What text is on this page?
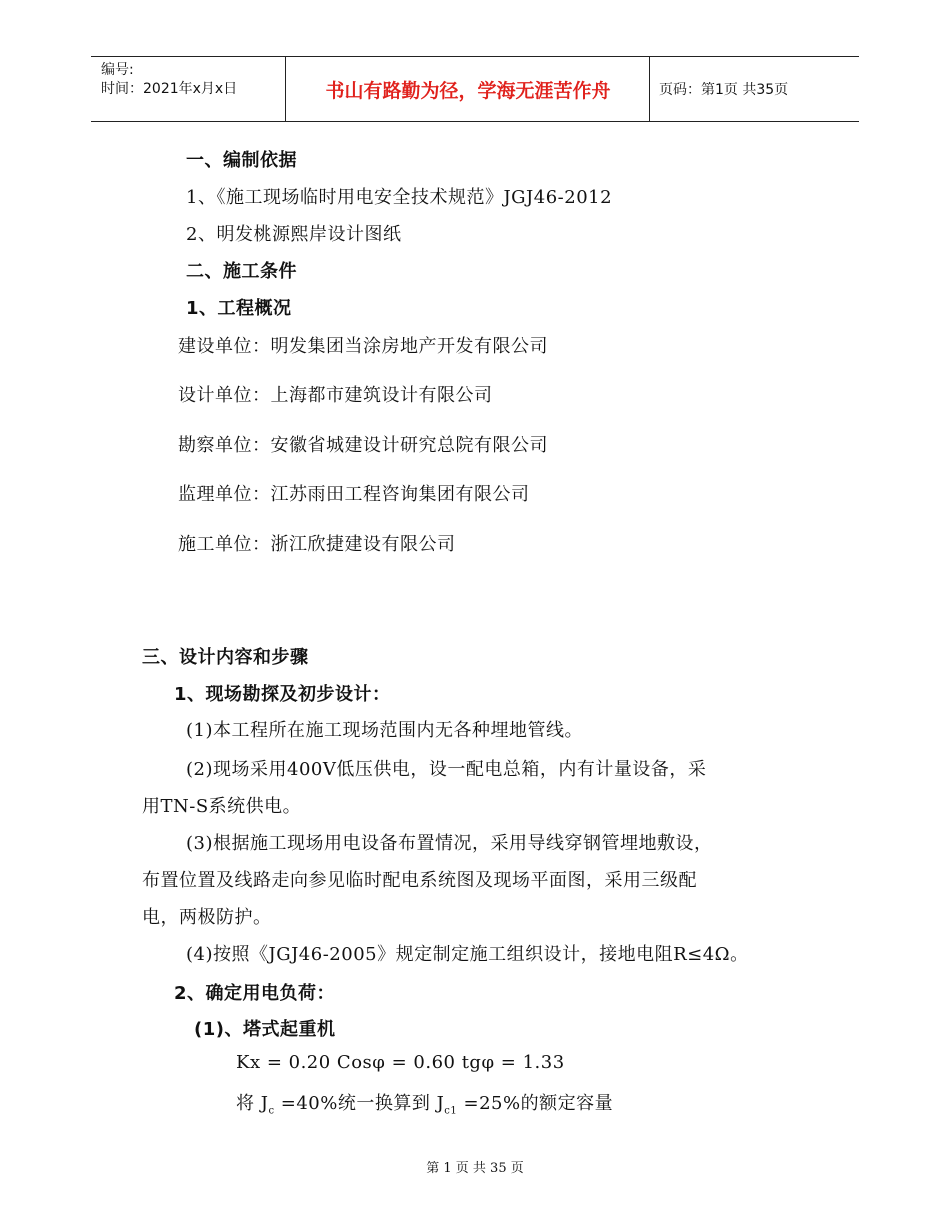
编号:
时间：2021年x月x日	书山有路勤为径，学海无涯苦作舟	页码：第1页 共35页
一、编制依据
1、《施工现场临时用电安全技术规范》JGJ46-2012
2、明发桃源熙岸设计图纸
二、施工条件
1、工程概况
建设单位：明发集团当涂房地产开发有限公司
设计单位：上海都市建筑设计有限公司
勘察单位：安徽省城建设计研究总院有限公司
监理单位：江苏雨田工程咨询集团有限公司
施工单位：浙江欣捷建设有限公司
三、设计内容和步骤
1、现场勘探及初步设计：
(1)本工程所在施工现场范围内无各种埋地管线。
(2)现场采用400V低压供电，设一配电总箱，内有计量设备，采
用TN-S系统供电。
(3)根据施工现场用电设备布置情况，采用导线穿钢管埋地敷设，
布置位置及线路走向参见临时配电系统图及现场平面图，采用三级配
电，两极防护。
(4)按照《JGJ46-2005》规定制定施工组织设计，接地电阻R≤4Ω。
2、确定用电负荷：
(1)、塔式起重机
Kx = 0.20 Cosφ = 0.60 tgφ = 1.33
将 $J_c =40\%$统一换算到 $J_{c1} =25\%$的额定容量
第 1 页 共 35 页
